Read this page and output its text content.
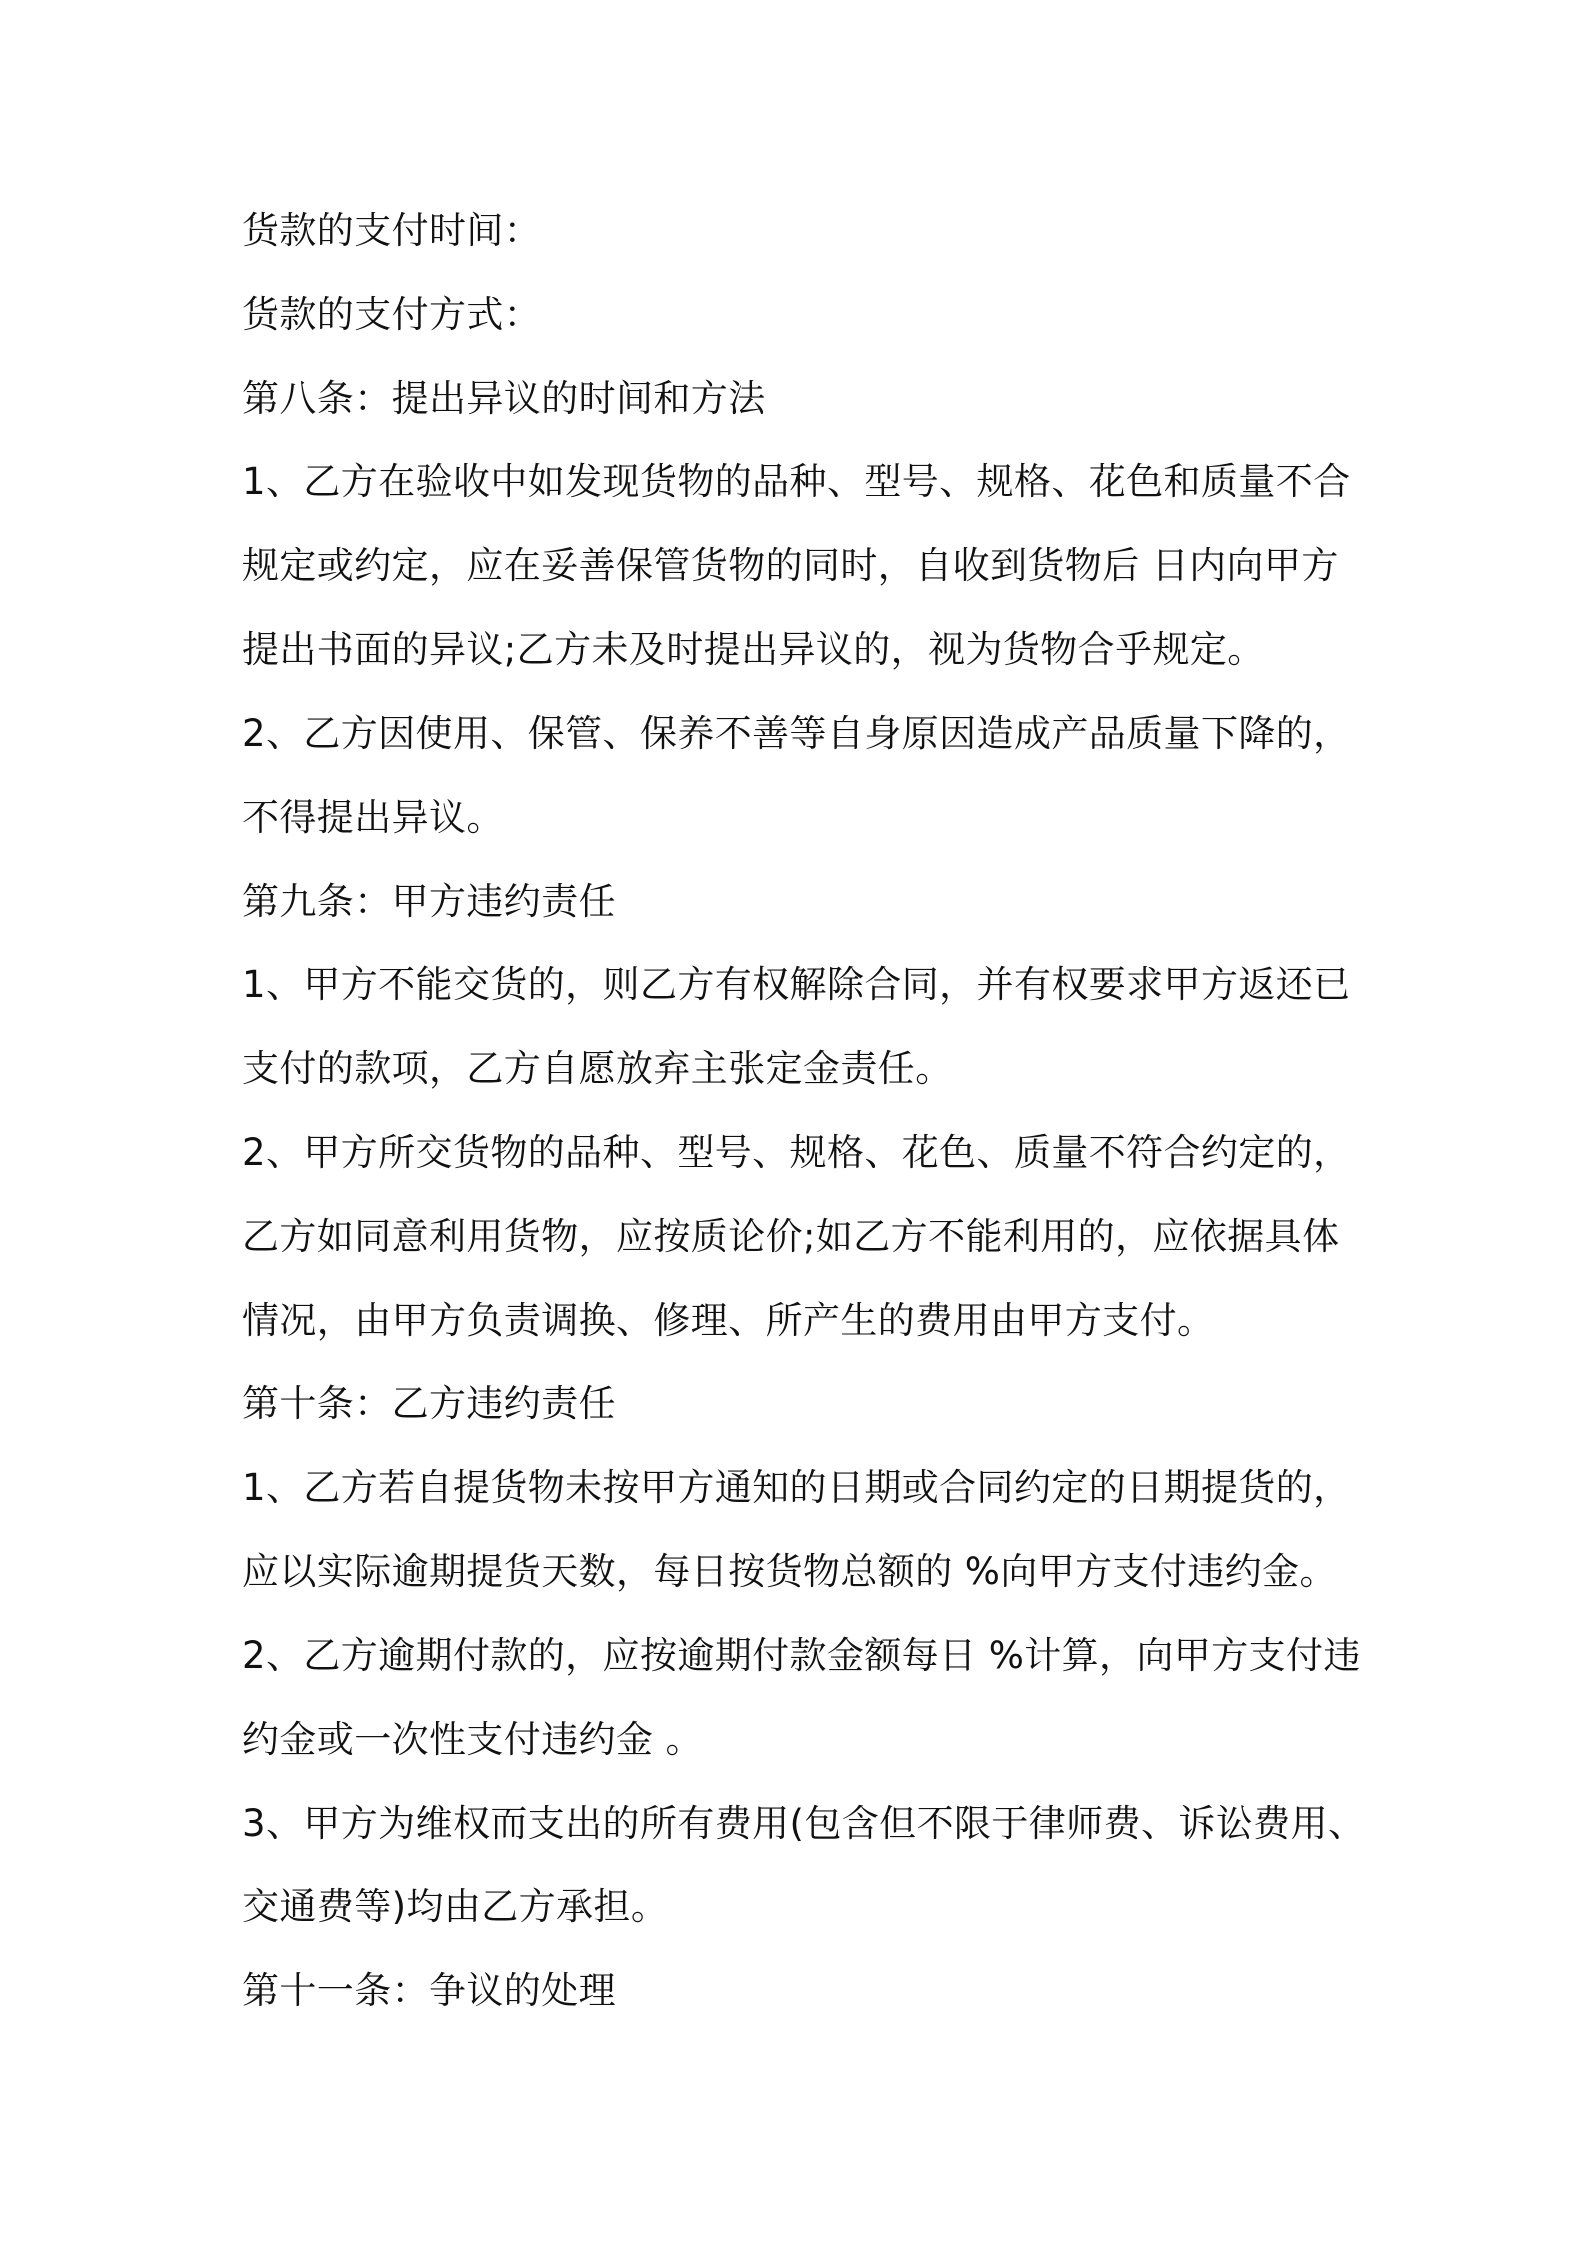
货款的支付时间：
货款的支付方式：
第八条：提出异议的时间和方法
1、乙方在验收中如发现货物的品种、型号、规格、花色和质量不合
规定或约定，应在妥善保管货物的同时，自收到货物后 日内向甲方
提出书面的异议;乙方未及时提出异议的，视为货物合乎规定。
2、乙方因使用、保管、保养不善等自身原因造成产品质量下降的，
不得提出异议。
第九条：甲方违约责任
1、甲方不能交货的，则乙方有权解除合同，并有权要求甲方返还已
支付的款项，乙方自愿放弃主张定金责任。
2、甲方所交货物的品种、型号、规格、花色、质量不符合约定的，
乙方如同意利用货物，应按质论价;如乙方不能利用的，应依据具体
情况，由甲方负责调换、修理、所产生的费用由甲方支付。
第十条：乙方违约责任
1、乙方若自提货物未按甲方通知的日期或合同约定的日期提货的，
应以实际逾期提货天数，每日按货物总额的 %向甲方支付违约金。
2、乙方逾期付款的，应按逾期付款金额每日 %计算，向甲方支付违
约金或一次性支付违约金 。
3、甲方为维权而支出的所有费用(包含但不限于律师费、诉讼费用、
交通费等)均由乙方承担。
第十一条：争议的处理
